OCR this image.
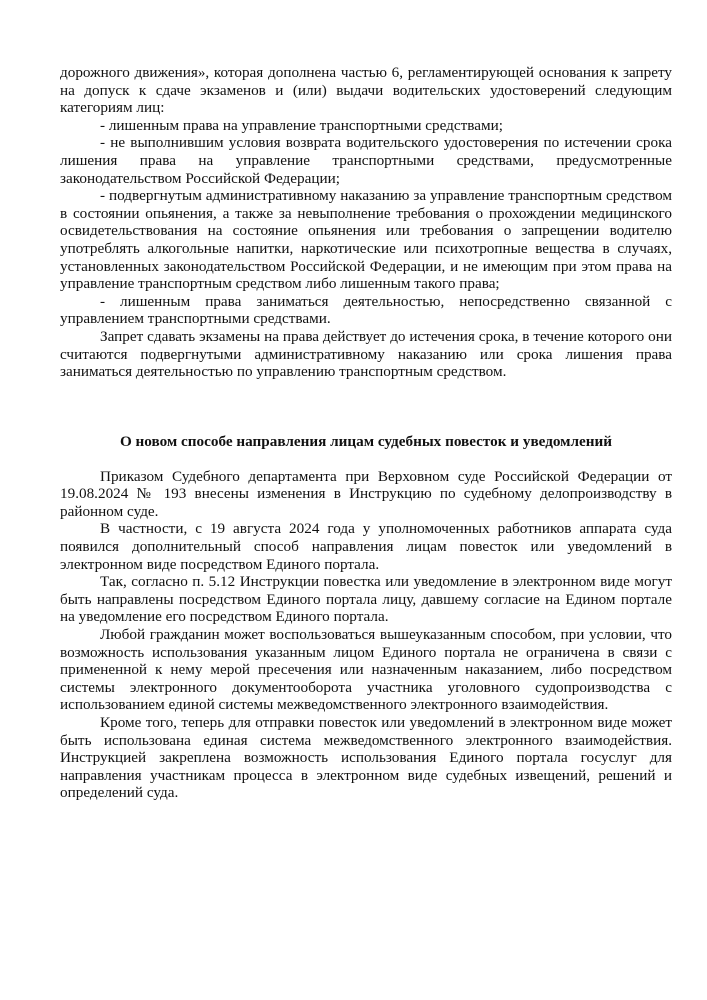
дорожного движения», которая дополнена частью 6, регламентирующей основания к запрету на допуск к сдаче экзаменов и (или) выдачи водительских удостоверений следующим категориям лиц:

- лишенным права на управление транспортными средствами;

- не выполнившим условия возврата водительского удостоверения по истечении срока лишения права на управление транспортными средствами, предусмотренные законодательством Российской Федерации;

- подвергнутым административному наказанию за управление транспортным средством в состоянии опьянения, а также за невыполнение требования о прохождении медицинского освидетельствования на состояние опьянения или требования о запрещении водителю употреблять алкогольные напитки, наркотические или психотропные вещества в случаях, установленных законодательством Российской Федерации, и не имеющим при этом права на управление транспортным средством либо лишенным такого права;

- лишенным права заниматься деятельностью, непосредственно связанной с управлением транспортными средствами.

Запрет сдавать экзамены на права действует до истечения срока, в течение которого они считаются подвергнутыми административному наказанию или срока лишения права заниматься деятельностью по управлению транспортным средством.

О новом способе направления лицам судебных повесток и уведомлений

Приказом Судебного департамента при Верховном суде Российской Федерации от 19.08.2024 № 193 внесены изменения в Инструкцию по судебному делопроизводству в районном суде.

В частности, с 19 августа 2024 года у уполномоченных работников аппарата суда появился дополнительный способ направления лицам повесток или уведомлений в электронном виде посредством Единого портала.

Так, согласно п. 5.12 Инструкции повестка или уведомление в электронном виде могут быть направлены посредством Единого портала лицу, давшему согласие на Едином портале на уведомление его посредством Единого портала.

Любой гражданин может воспользоваться вышеуказанным способом, при условии, что возможность использования указанным лицом Единого портала не ограничена в связи с примененной к нему мерой пресечения или назначенным наказанием, либо посредством системы электронного документооборота участника уголовного судопроизводства с использованием единой системы межведомственного электронного взаимодействия.

Кроме того, теперь для отправки повесток или уведомлений в электронном виде может быть использована единая система межведомственного электронного взаимодействия. Инструкцией закреплена возможность использования Единого портала госуслуг для направления участникам процесса в электронном виде судебных извещений, решений и определений суда.
